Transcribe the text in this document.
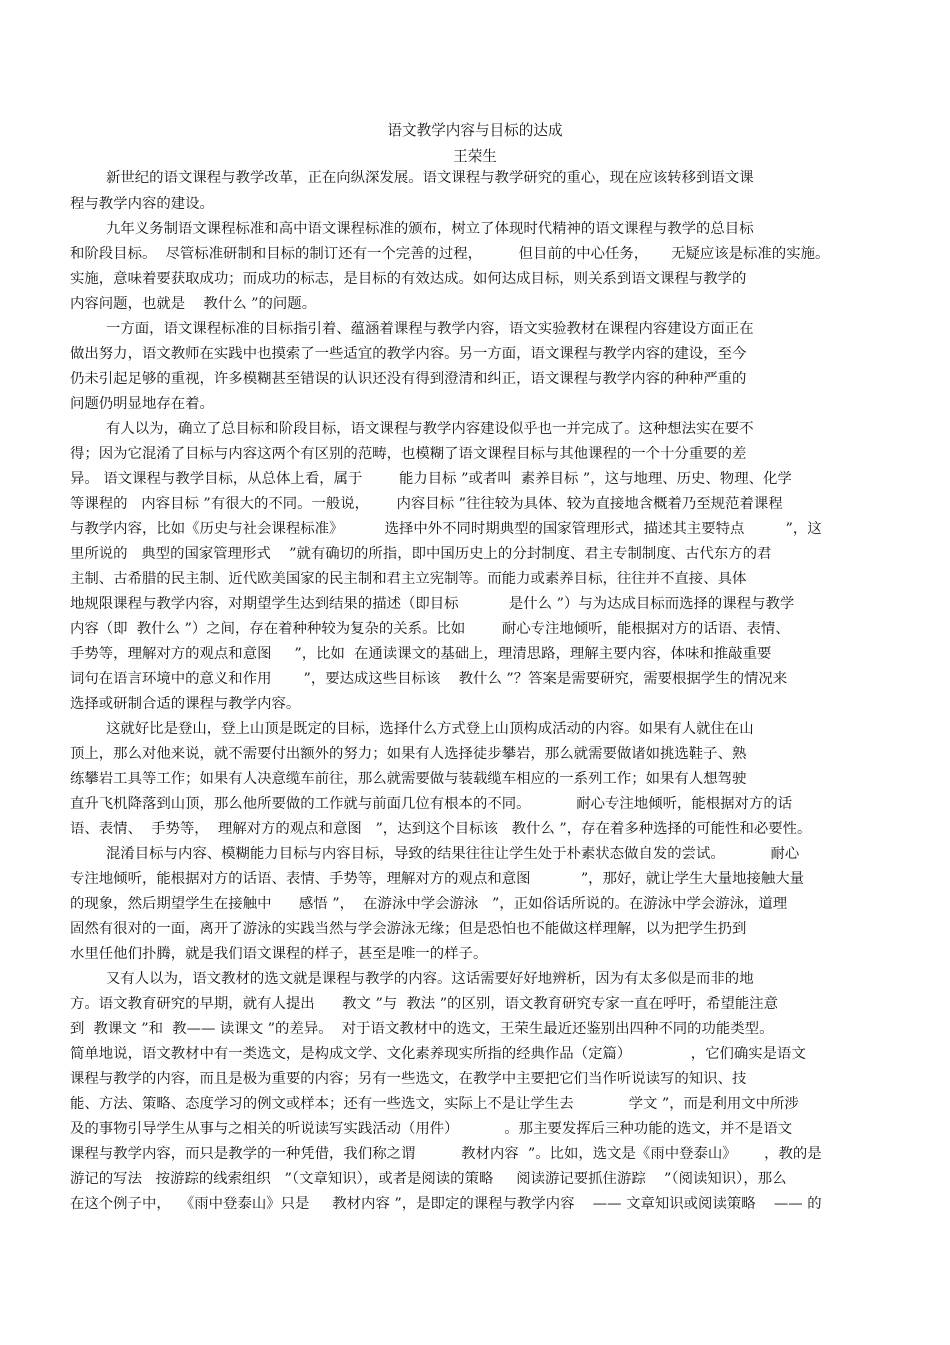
语文教学内容与目标的达成
王荣生
新世纪的语文课程与教学改革，正在向纵深发展。语文课程与教学研究的重心，现在应该转移到语文课
程与教学内容的建设。
九年义务制语文课程标准和高中语文课程标准的颁布，树立了体现时代精神的语文课程与教学的总目标
和阶段目标。  尽管标准研制和目标的制订还有一个完善的过程，        但目前的中心任务，     无疑应该是标准的实施。
实施，意味着要获取成功；而成功的标志，是目标的有效达成。如何达成目标，则关系到语文课程与教学的
内容问题，也就是    教什么 ”的问题。
一方面，语文课程标准的目标指引着、蕴涵着课程与教学内容，语文实验教材在课程内容建设方面正在
做出努力，语文教师在实践中也摸索了一些适宜的教学内容。另一方面，语文课程与教学内容的建设，至今
仍未引起足够的重视，许多模糊甚至错误的认识还没有得到澄清和纠正，语文课程与教学内容的种种严重的
问题仍明显地存在着。
有人以为，确立了总目标和阶段目标，语文课程与教学内容建设似乎也一并完成了。这种想法实在要不
得；因为它混淆了目标与内容这两个有区别的范畴，也模糊了语文课程目标与其他课程的一个十分重要的差
异。 语文课程与教学目标，从总体上看，属于        能力目标 ”或者叫  素养目标 ”，这与地理、历史、物理、化学
等课程的   内容目标 ”有很大的不同。一般说，      内容目标 ”往往较为具体、较为直接地含概着乃至规范着课程
与教学内容，比如《历史与社会课程标准》         选择中外不同时期典型的国家管理形式，描述其主要特点         ”，这
里所说的   典型的国家管理形式    ”就有确切的所指，即中国历史上的分封制度、君主专制制度、古代东方的君
主制、古希腊的民主制、近代欧美国家的民主制和君主立宪制等。而能力或素养目标，往往并不直接、具体
地规限课程与教学内容，对期望学生达到结果的描述（即目标           是什么 ”）与为达成目标而选择的课程与教学
内容（即  教什么 ”）之间，存在着种种较为复杂的关系。比如        耐心专注地倾听，能根据对方的话语、表情、
手势等，理解对方的观点和意图     ”，比如  在通读课文的基础上，理清思路，理解主要内容，体味和推敲重要
词句在语言环境中的意义和作用       ”，要达成这些目标该    教什么 ”？答案是需要研究，需要根据学生的情况来
选择或研制合适的课程与教学内容。
这就好比是登山，登上山顶是既定的目标，选择什么方式登上山顶构成活动的内容。如果有人就住在山
顶上，那么对他来说，就不需要付出额外的努力；如果有人选择徒步攀岩，那么就需要做诸如挑选鞋子、熟
练攀岩工具等工作；如果有人决意缆车前往，那么就需要做与装载缆车相应的一系列工作；如果有人想驾驶
直升飞机降落到山顶，那么他所要做的工作就与前面几位有根本的不同。          耐心专注地倾听，能根据对方的话
语、表情、  手势等，  理解对方的观点和意图   ”，达到这个目标该   教什么 ”，存在着多种选择的可能性和必要性。
混淆目标与内容、模糊能力目标与内容目标，导致的结果往往让学生处于朴素状态做自发的尝试。          耐心
专注地倾听，能根据对方的话语、表情、手势等，理解对方的观点和意图           ”，那好，就让学生大量地接触大量
的现象，然后期望学生在接触中      感悟 ”，  在游泳中学会游泳   ”，正如俗话所说的。在游泳中学会游泳，道理
固然有很对的一面，离开了游泳的实践当然与学会游泳无缘；但是恐怕也不能做这样理解，以为把学生扔到
水里任他们扑腾，就是我们语文课程的样子，甚至是唯一的样子。
又有人以为，语文教材的选文就是课程与教学的内容。这话需要好好地辨析，因为有太多似是而非的地
方。语文教育研究的早期，就有人提出      教文 ”与  教法 ”的区别，语文教育研究专家一直在呼吁，希望能注意
到  教课文 ”和  教—— 读课文 ”的差异。  对于语文教材中的选文，王荣生最近还鉴别出四种不同的功能类型。
简单地说，语文教材中有一类选文，是构成文学、文化素养现实所指的经典作品（定篇）             ，它们确实是语文
课程与教学的内容，而且是极为重要的内容；另有一些选文，在教学中主要把它们当作听说读写的知识、技
能、方法、策略、态度学习的例文或样本；还有一些选文，实际上不是让学生去            学文 ”，而是利用文中所涉
及的事物引导学生从事与之相关的听说读写实践活动（用件）          。那主要发挥后三种功能的选文，并不是语文
课程与教学内容，而只是教学的一种凭借，我们称之谓          教材内容  ”。比如，选文是《雨中登泰山》      ，教的是
游记的写法   按游踪的线索组织   ”（文章知识），或者是阅读的策略     阅读游记要抓住游踪    ”（阅读知识），那么
在这个例子中，  《雨中登泰山》只是     教材内容 ”，是即定的课程与教学内容    —— 文章知识或阅读策略    —— 的
